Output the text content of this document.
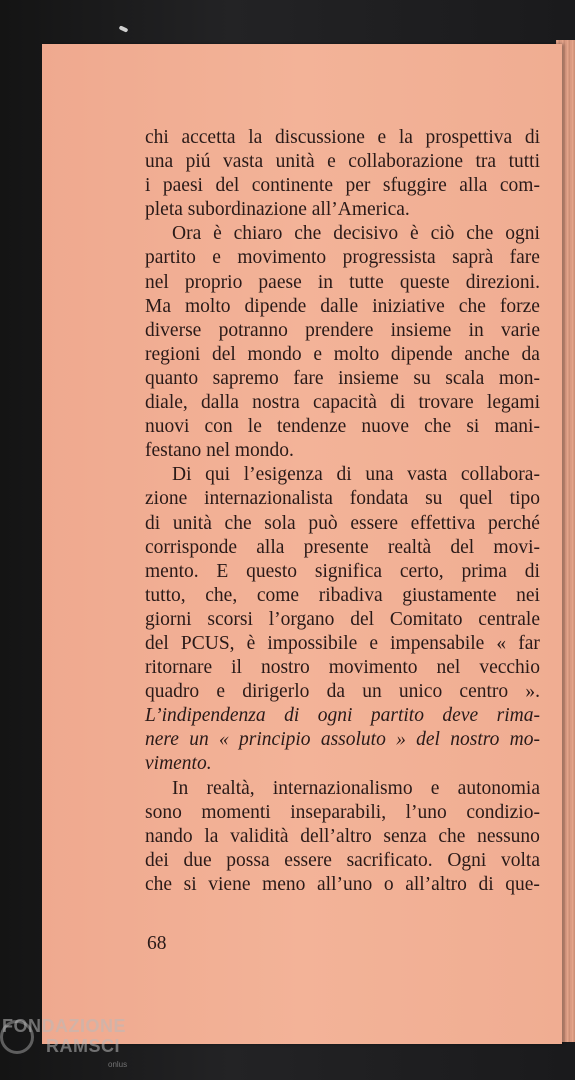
chi accetta la discussione e la prospettiva di
una piú vasta unità e collaborazione tra tutti
i paesi del continente per sfuggire alla com-
pleta subordinazione all’America.
Ora è chiaro che decisivo è ciò che ogni
partito e movimento progressista saprà fare
nel proprio paese in tutte queste direzioni.
Ma molto dipende dalle iniziative che forze
diverse potranno prendere insieme in varie
regioni del mondo e molto dipende anche da
quanto sapremo fare insieme su scala mon-
diale, dalla nostra capacità di trovare legami
nuovi con le tendenze nuove che si mani-
festano nel mondo.
Di qui l’esigenza di una vasta collabora-
zione internazionalista fondata su quel tipo
di unità che sola può essere effettiva perché
corrisponde alla presente realtà del movi-
mento. E questo significa certo, prima di
tutto, che, come ribadiva giustamente nei
giorni scorsi l’organo del Comitato centrale
del PCUS, è impossibile e impensabile « far
ritornare il nostro movimento nel vecchio
quadro e dirigerlo da un unico centro ».
L’indipendenza di ogni partito deve rima-
nere un « principio assoluto » del nostro mo-
vimento.
In realtà, internazionalismo e autonomia
sono momenti inseparabili, l’uno condizio-
nando la validità dell’altro senza che nessuno
dei due possa essere sacrificato. Ogni volta
che si viene meno all’uno o all’altro di que-
68
FONDAZIONE
RAMSCI
onlus
